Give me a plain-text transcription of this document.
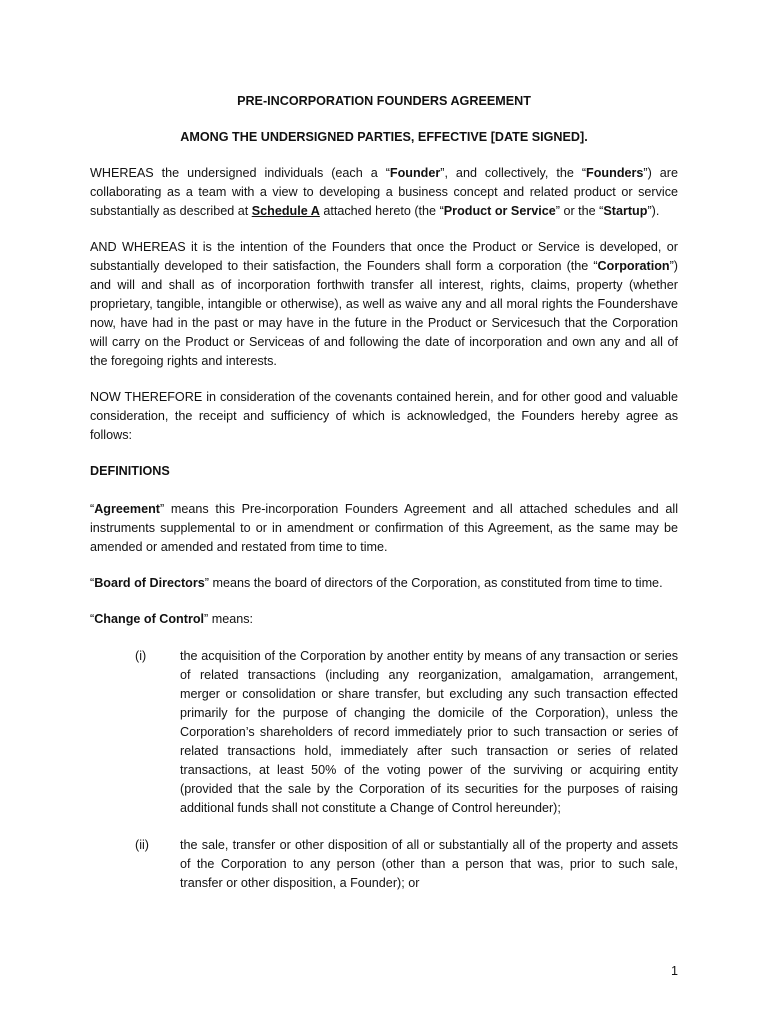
PRE-INCORPORATION FOUNDERS AGREEMENT
AMONG THE UNDERSIGNED PARTIES, EFFECTIVE [DATE SIGNED].

WHEREAS the undersigned individuals (each a “Founder”, and collectively, the “Founders”) are collaborating as a team with a view to developing a business concept and related product or service substantially as described at Schedule A attached hereto (the “Product or Service” or the “Startup”).

AND WHEREAS it is the intention of the Founders that once the Product or Service is developed, or substantially developed to their satisfaction, the Founders shall form a corporation (the “Corporation”) and will and shall as of incorporation forthwith transfer all interest, rights, claims, property (whether proprietary, tangible, intangible or otherwise), as well as waive any and all moral rights the Foundershave now, have had in the past or may have in the future in the Product or Servicesuch that the Corporation will carry on the Product or Serviceas of and following the date of incorporation and own any and all of the foregoing rights and interests.

NOW THEREFORE in consideration of the covenants contained herein, and for other good and valuable consideration, the receipt and sufficiency of which is acknowledged, the Founders hereby agree as follows:

DEFINITIONS

“Agreement” means this Pre-incorporation Founders Agreement and all attached schedules and all instruments supplemental to or in amendment or confirmation of this Agreement, as the same may be amended or amended and restated from time to time.

“Board of Directors” means the board of directors of the Corporation, as constituted from time to time.

“Change of Control” means:

(i)	the acquisition of the Corporation by another entity by means of any transaction or series of related transactions (including any reorganization, amalgamation, arrangement, merger or consolidation or share transfer, but excluding any such transaction effected primarily for the purpose of changing the domicile of the Corporation), unless the Corporation’s shareholders of record immediately prior to such transaction or series of related transactions hold, immediately after such transaction or series of related transactions, at least 50% of the voting power of the surviving or acquiring entity (provided that the sale by the Corporation of its securities for the purposes of raising additional funds shall not constitute a Change of Control hereunder);
(ii) the sale, transfer or other disposition of all or substantially all of the property and assets of the Corporation to any person (other than a person that was, prior to such sale, transfer or other disposition, a Founder); or
1
